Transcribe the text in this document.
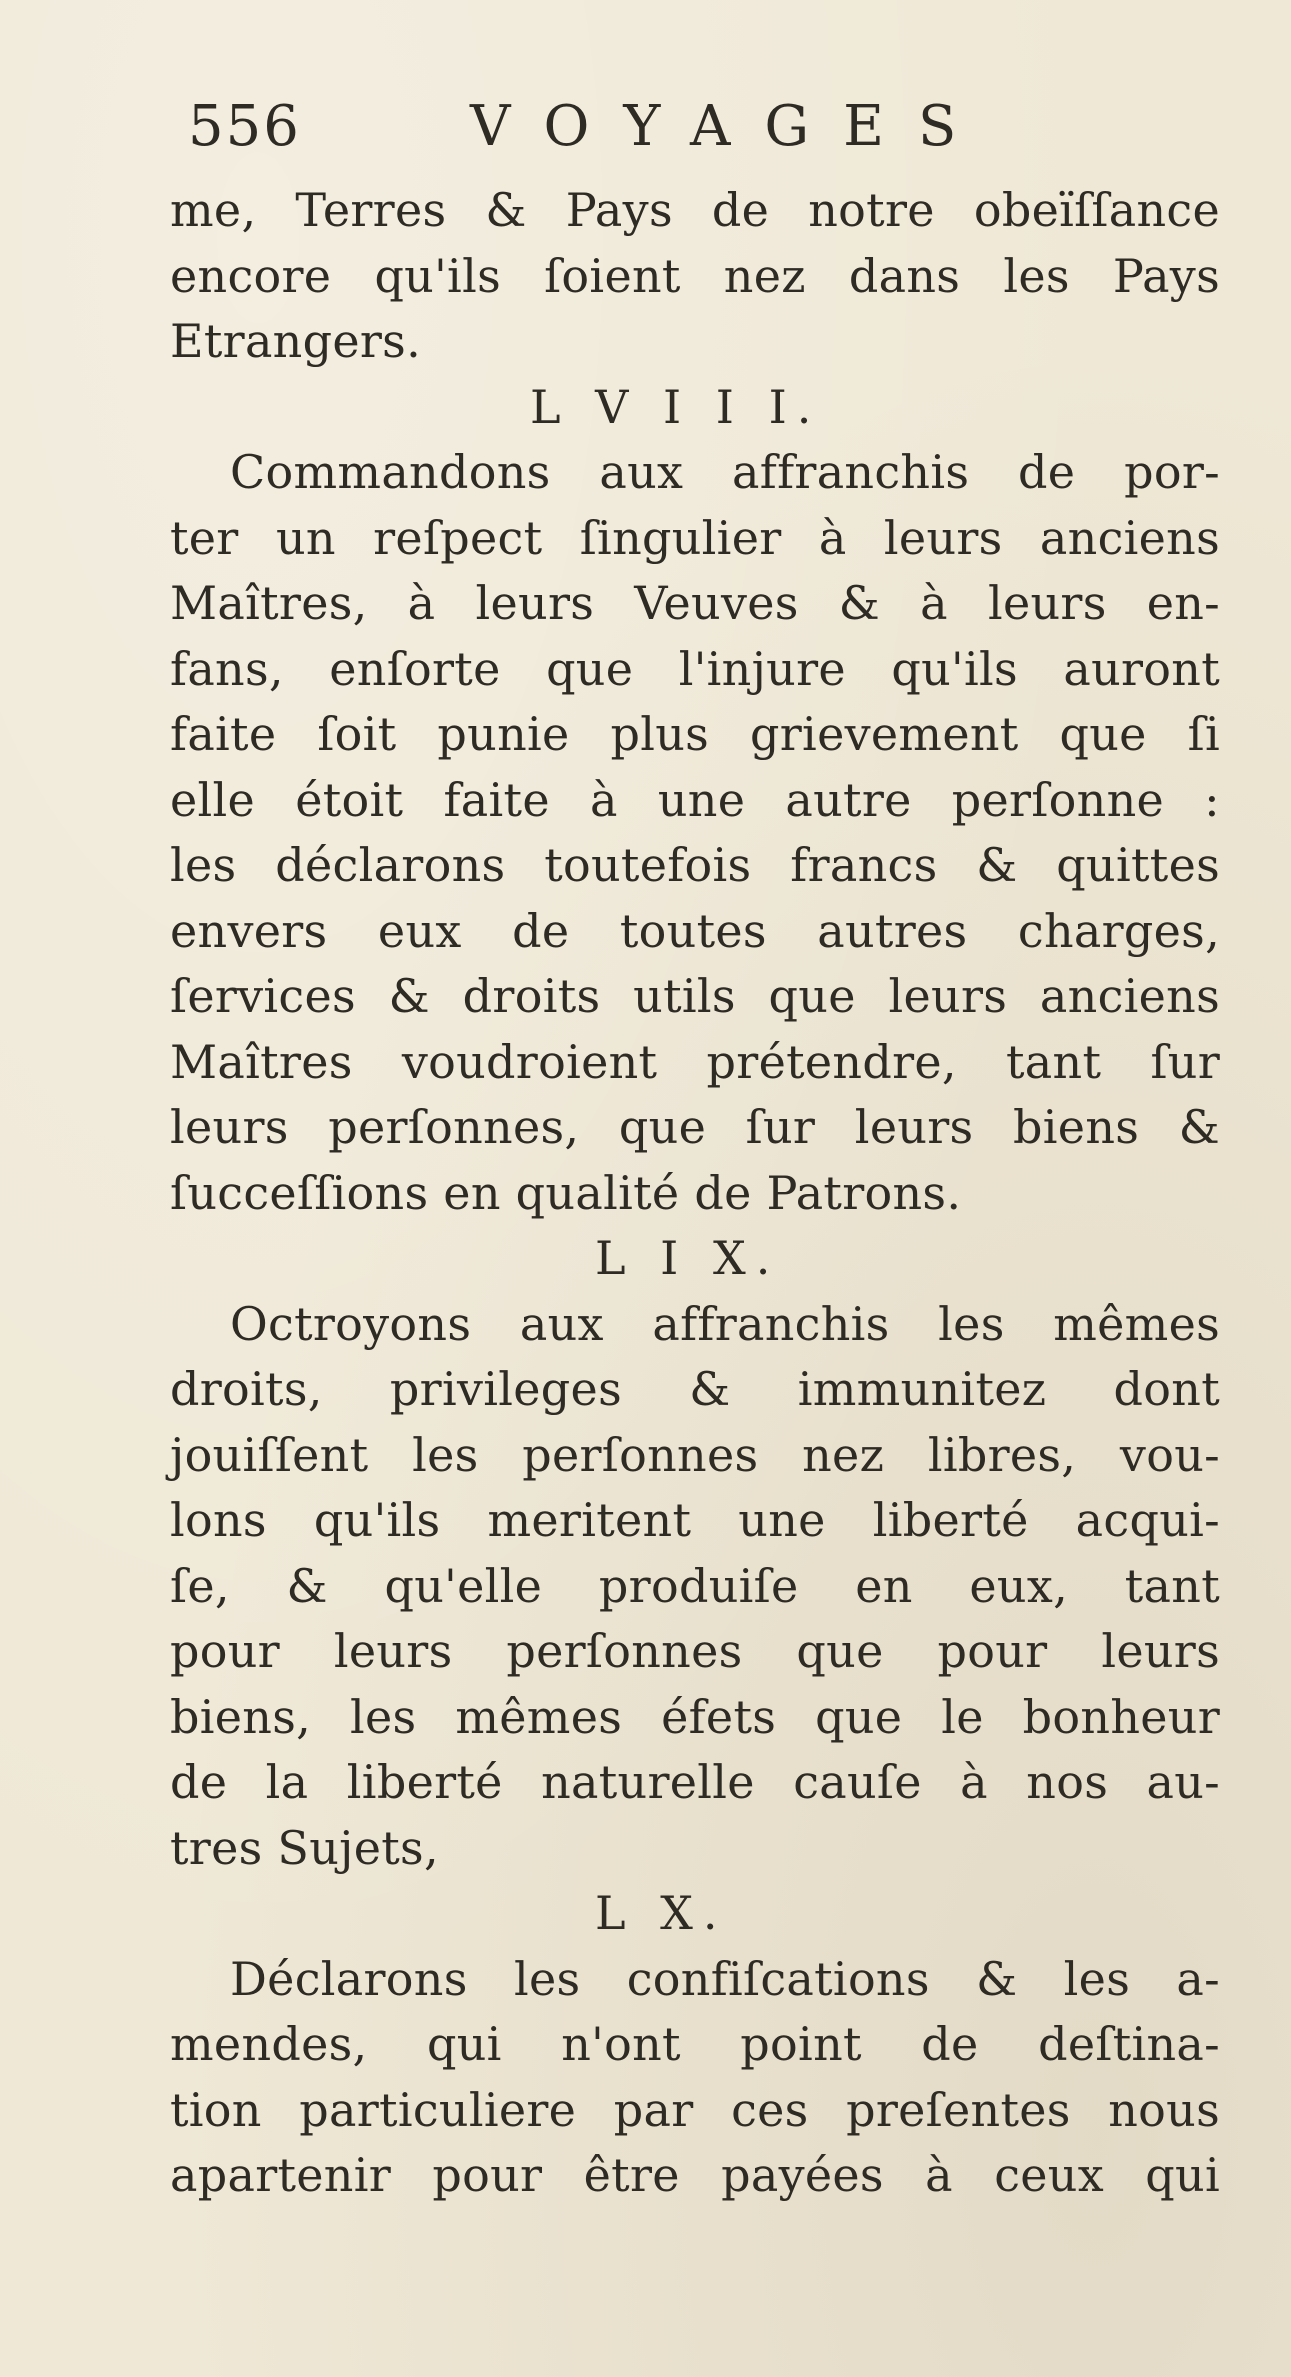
556	VOYAGES
me, Terres & Pays de notre obeïſſance
encore qu'ils ſoient nez dans les Pays
Etrangers.
L V I I I.
Commandons aux affranchis de por-
ter un reſpect ſingulier à leurs anciens
Maîtres, à leurs Veuves & à leurs en-
fans, enſorte que l'injure qu'ils auront
faite ſoit punie plus grievement que ſi
elle étoit faite à une autre perſonne :
les déclarons toutefois francs & quittes
envers eux de toutes autres charges,
ſervices & droits utils que leurs anciens
Maîtres voudroient prétendre, tant ſur
leurs perſonnes, que ſur leurs biens &
ſucceſſions en qualité de Patrons.
L I X.
Octroyons aux affranchis les mêmes
droits, privileges & immunitez dont
jouiſſent les perſonnes nez libres, vou-
lons qu'ils meritent une liberté acqui-
ſe, & qu'elle produiſe en eux, tant
pour leurs perſonnes que pour leurs
biens, les mêmes éfets que le bonheur
de la liberté naturelle cauſe à nos au-
tres Sujets,
L X.
Déclarons les confiſcations & les a-
mendes, qui n'ont point de deſtina-
tion particuliere par ces preſentes nous
apartenir pour être payées à ceux qui
